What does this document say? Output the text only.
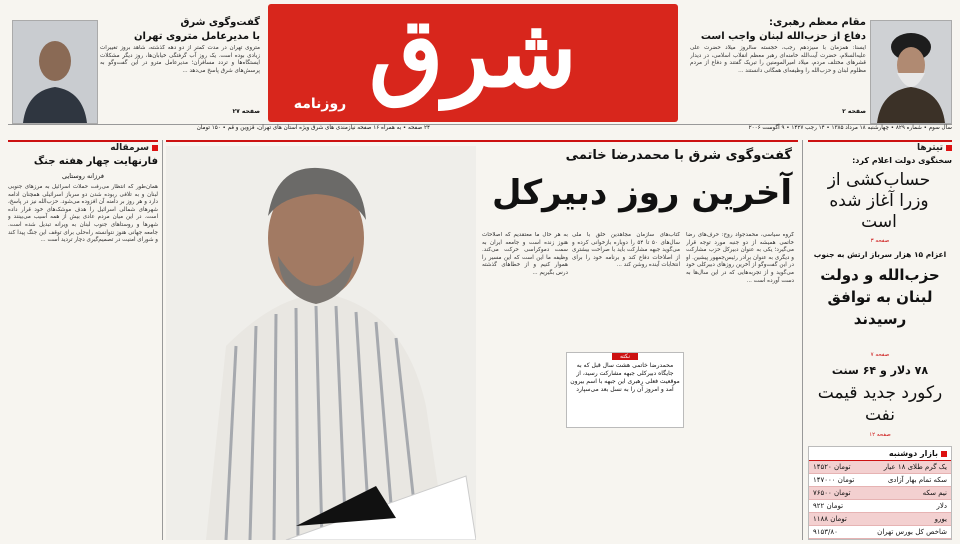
گفت‌وگوی شرق
با مدیرعامل متروی تهران
متروی تهران در مدت کمتر از دو دهه گذشته، شاهد بروز تغییرات زیادی بوده است. یک روز آب گرفتگی خیابان‌ها، روز دیگر مشکلات ایستگاه‌ها و تردد مسافران؛ مدیرعامل مترو در این گفت‌وگو به پرسش‌های شرق پاسخ می‌دهد ...
صفحه ۲۷
شرق
روزنامه
مقام معظم رهبری:
دفاع از حزب‌الله لبنان واجب است
ایسنا: همزمان با سیزدهم رجب، خجسته سالروز میلاد حضرت علی علیه‌السلام، حضرت آیت‌الله خامنه‌ای رهبر معظم انقلاب اسلامی، در دیدار قشرهای مختلف مردم، میلاد امیرالمومنین را تبریک گفتند و دفاع از مردم مظلوم لبنان و حزب‌الله را وظیفه‌ای همگانی دانستند ...
صفحه ۲
سال سوم • شماره ۸۲۹ • چهارشنبه ۱۸ مرداد ۱۳۸۵ • ۱۴ رجب ۱۴۲۷ • ۹ آگوست ۲۰۰۶
۲۴ صفحه • به همراه ۱۶ صفحه نیازمندی های شرق ویژه استان های تهران، قزوین و قم • ۱۵۰ تومان
تیترها
سخنگوی دولت اعلام کرد:
حساب‌کشی از وزرا آغاز شده است
صفحه ۳
اعزام ۱۵ هزار سرباز ارتش به جنوب
حزب‌الله و دولت لبنان به توافق رسیدند
صفحه ۷
۷۸ دلار و ۶۴ سنت
رکورد جدید قیمت نفت
صفحه ۱۲
بازار دوشنبه
۱۴۵۲۰ تومان	یک گرم طلای ۱۸ عیار
۱۴۷۰۰۰ تومان	سکه تمام بهار آزادی
۷۶۵۰۰ تومان	نیم سکه
۹۲۲ تومان	دلار
۱۱۸۸ تومان	یورو
۹۱۵۳/۸۰	شاخص کل بورس تهران
گفت‌وگوی شرق با محمدرضا خاتمی
آخرین روز دبیرکل
گروه سیاسی، محمدجواد روح: حرف‌های رضا خاتمی همیشه از دو جنبه مورد توجه قرار می‌گیرد؛ یکی به عنوان دبیرکل حزب مشارکت و دیگری به عنوان برادر رئیس‌جمهور پیشین. او در این گفت‌وگو از آخرین روزهای دبیرکلی خود می‌گوید و از تجربه‌هایی که در این سال‌ها به دست آورده است ...
کتاب‌های سازمان مجاهدین خلق با ملی سال‌های ۵۰ تا ۵۴ را دوباره بازخوانی کرده و می‌گوید جبهه مشارکت باید با صراحت بیشتری از اصلاحات دفاع کند و برنامه خود را برای انتخابات آینده روشن کند ...
به هر حال ما معتقدیم که اصلاحات هنوز زنده است و جامعه ایران به سمت دموکراسی حرکت می‌کند. وظیفه ما این است که این مسیر را هموار کنیم و از خطاهای گذشته درس بگیریم ...
نکته
محمدرضا خاتمی هشت سال قبل که به جایگاه دبیرکلی جبهه مشارکت رسید، از موقعیت فعلی رهبری این جبهه با اسم بیرون آمد و امروز آن را به نسل بعد می‌سپارد
سرمقاله
فارنهایت چهار هفته جنگ
فرزانه روستایی
همان‌طور که انتظار می‌رفت حملات اسرائیل به مرزهای جنوبی لبنان و به تلافی ربوده شدن دو سرباز اسرائیلی همچنان ادامه دارد و هر روز بر دامنه آن افزوده می‌شود. حزب‌الله نیز در پاسخ، شهرهای شمالی اسرائیل را هدف موشک‌های خود قرار داده است. در این میان مردم عادی بیش از همه آسیب می‌بینند و شهرها و روستاهای جنوب لبنان به ویرانه تبدیل شده است. جامعه جهانی هنوز نتوانسته راه‌حلی برای توقف این جنگ پیدا کند و شورای امنیت در تصمیم‌گیری دچار تردید است ...
